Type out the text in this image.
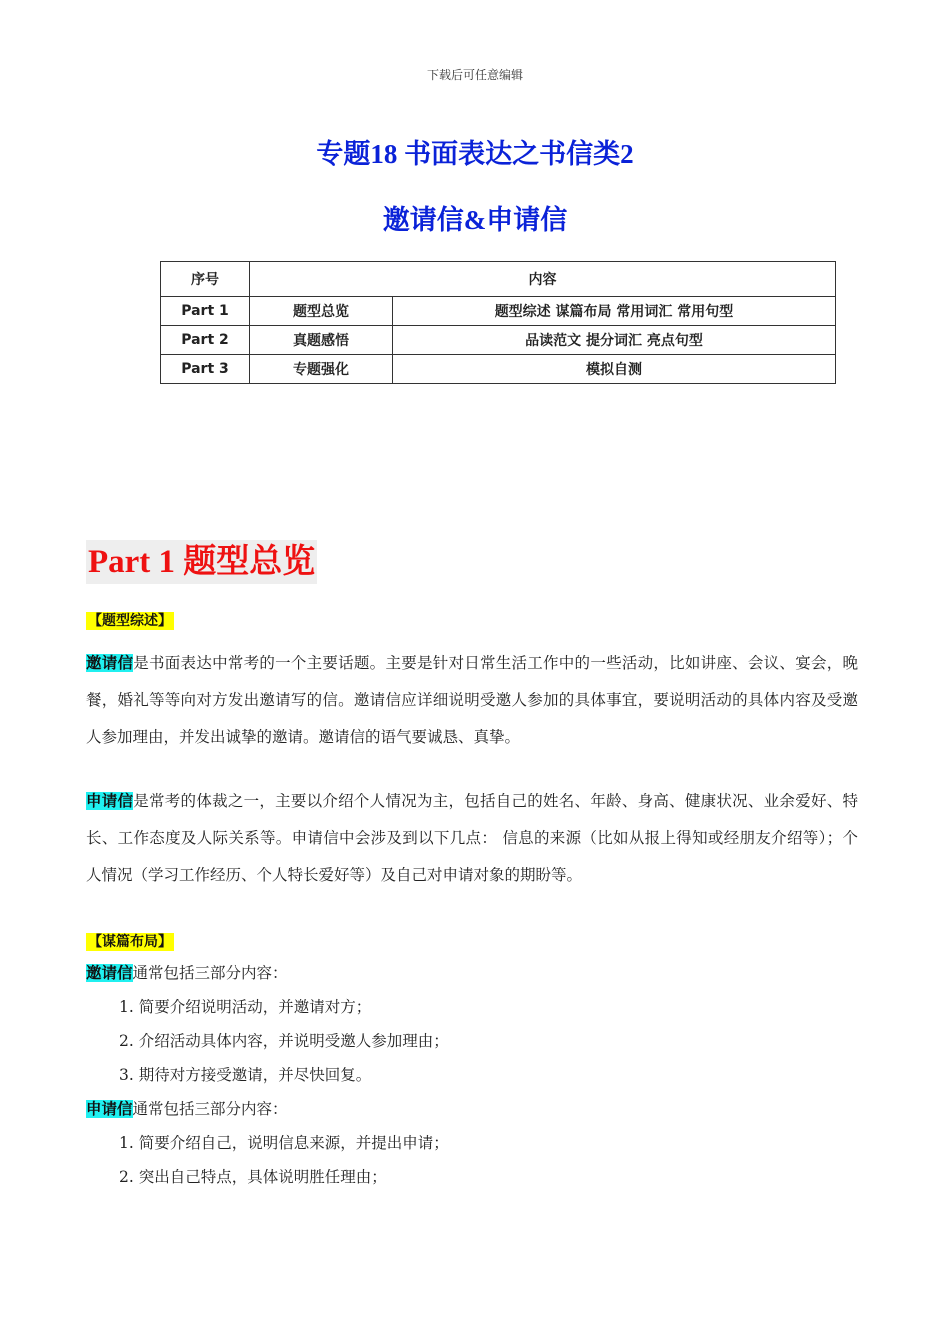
下载后可任意编辑
专题18 书面表达之书信类2
邀请信&申请信
序号	内容	
Part 1	题型总览	题型综述 谋篇布局 常用词汇 常用句型
Part 2	真题感悟	品读范文 提分词汇 亮点句型
Part 3	专题强化	模拟自测
Part 1 题型总览
【题型综述】
邀请信是书面表达中常考的一个主要话题。主要是针对日常生活工作中的一些活动，比如讲座、会议、宴会，晚餐，婚礼等等向对方发出邀请写的信。邀请信应详细说明受邀人参加的具体事宜，要说明活动的具体内容及受邀人参加理由，并发出诚挚的邀请。邀请信的语气要诚恳、真挚。
申请信是常考的体裁之一，主要以介绍个人情况为主，包括自己的姓名、年龄、身高、健康状况、业余爱好、特长、工作态度及人际关系等。申请信中会涉及到以下几点： 信息的来源（比如从报上得知或经朋友介绍等）；个人情况（学习工作经历、个人特长爱好等）及自己对申请对象的期盼等。
【谋篇布局】
邀请信通常包括三部分内容：
1. 简要介绍说明活动，并邀请对方；
2. 介绍活动具体内容，并说明受邀人参加理由；
3. 期待对方接受邀请，并尽快回复。
申请信通常包括三部分内容：
1. 简要介绍自己，说明信息来源，并提出申请；
2. 突出自己特点，具体说明胜任理由；
